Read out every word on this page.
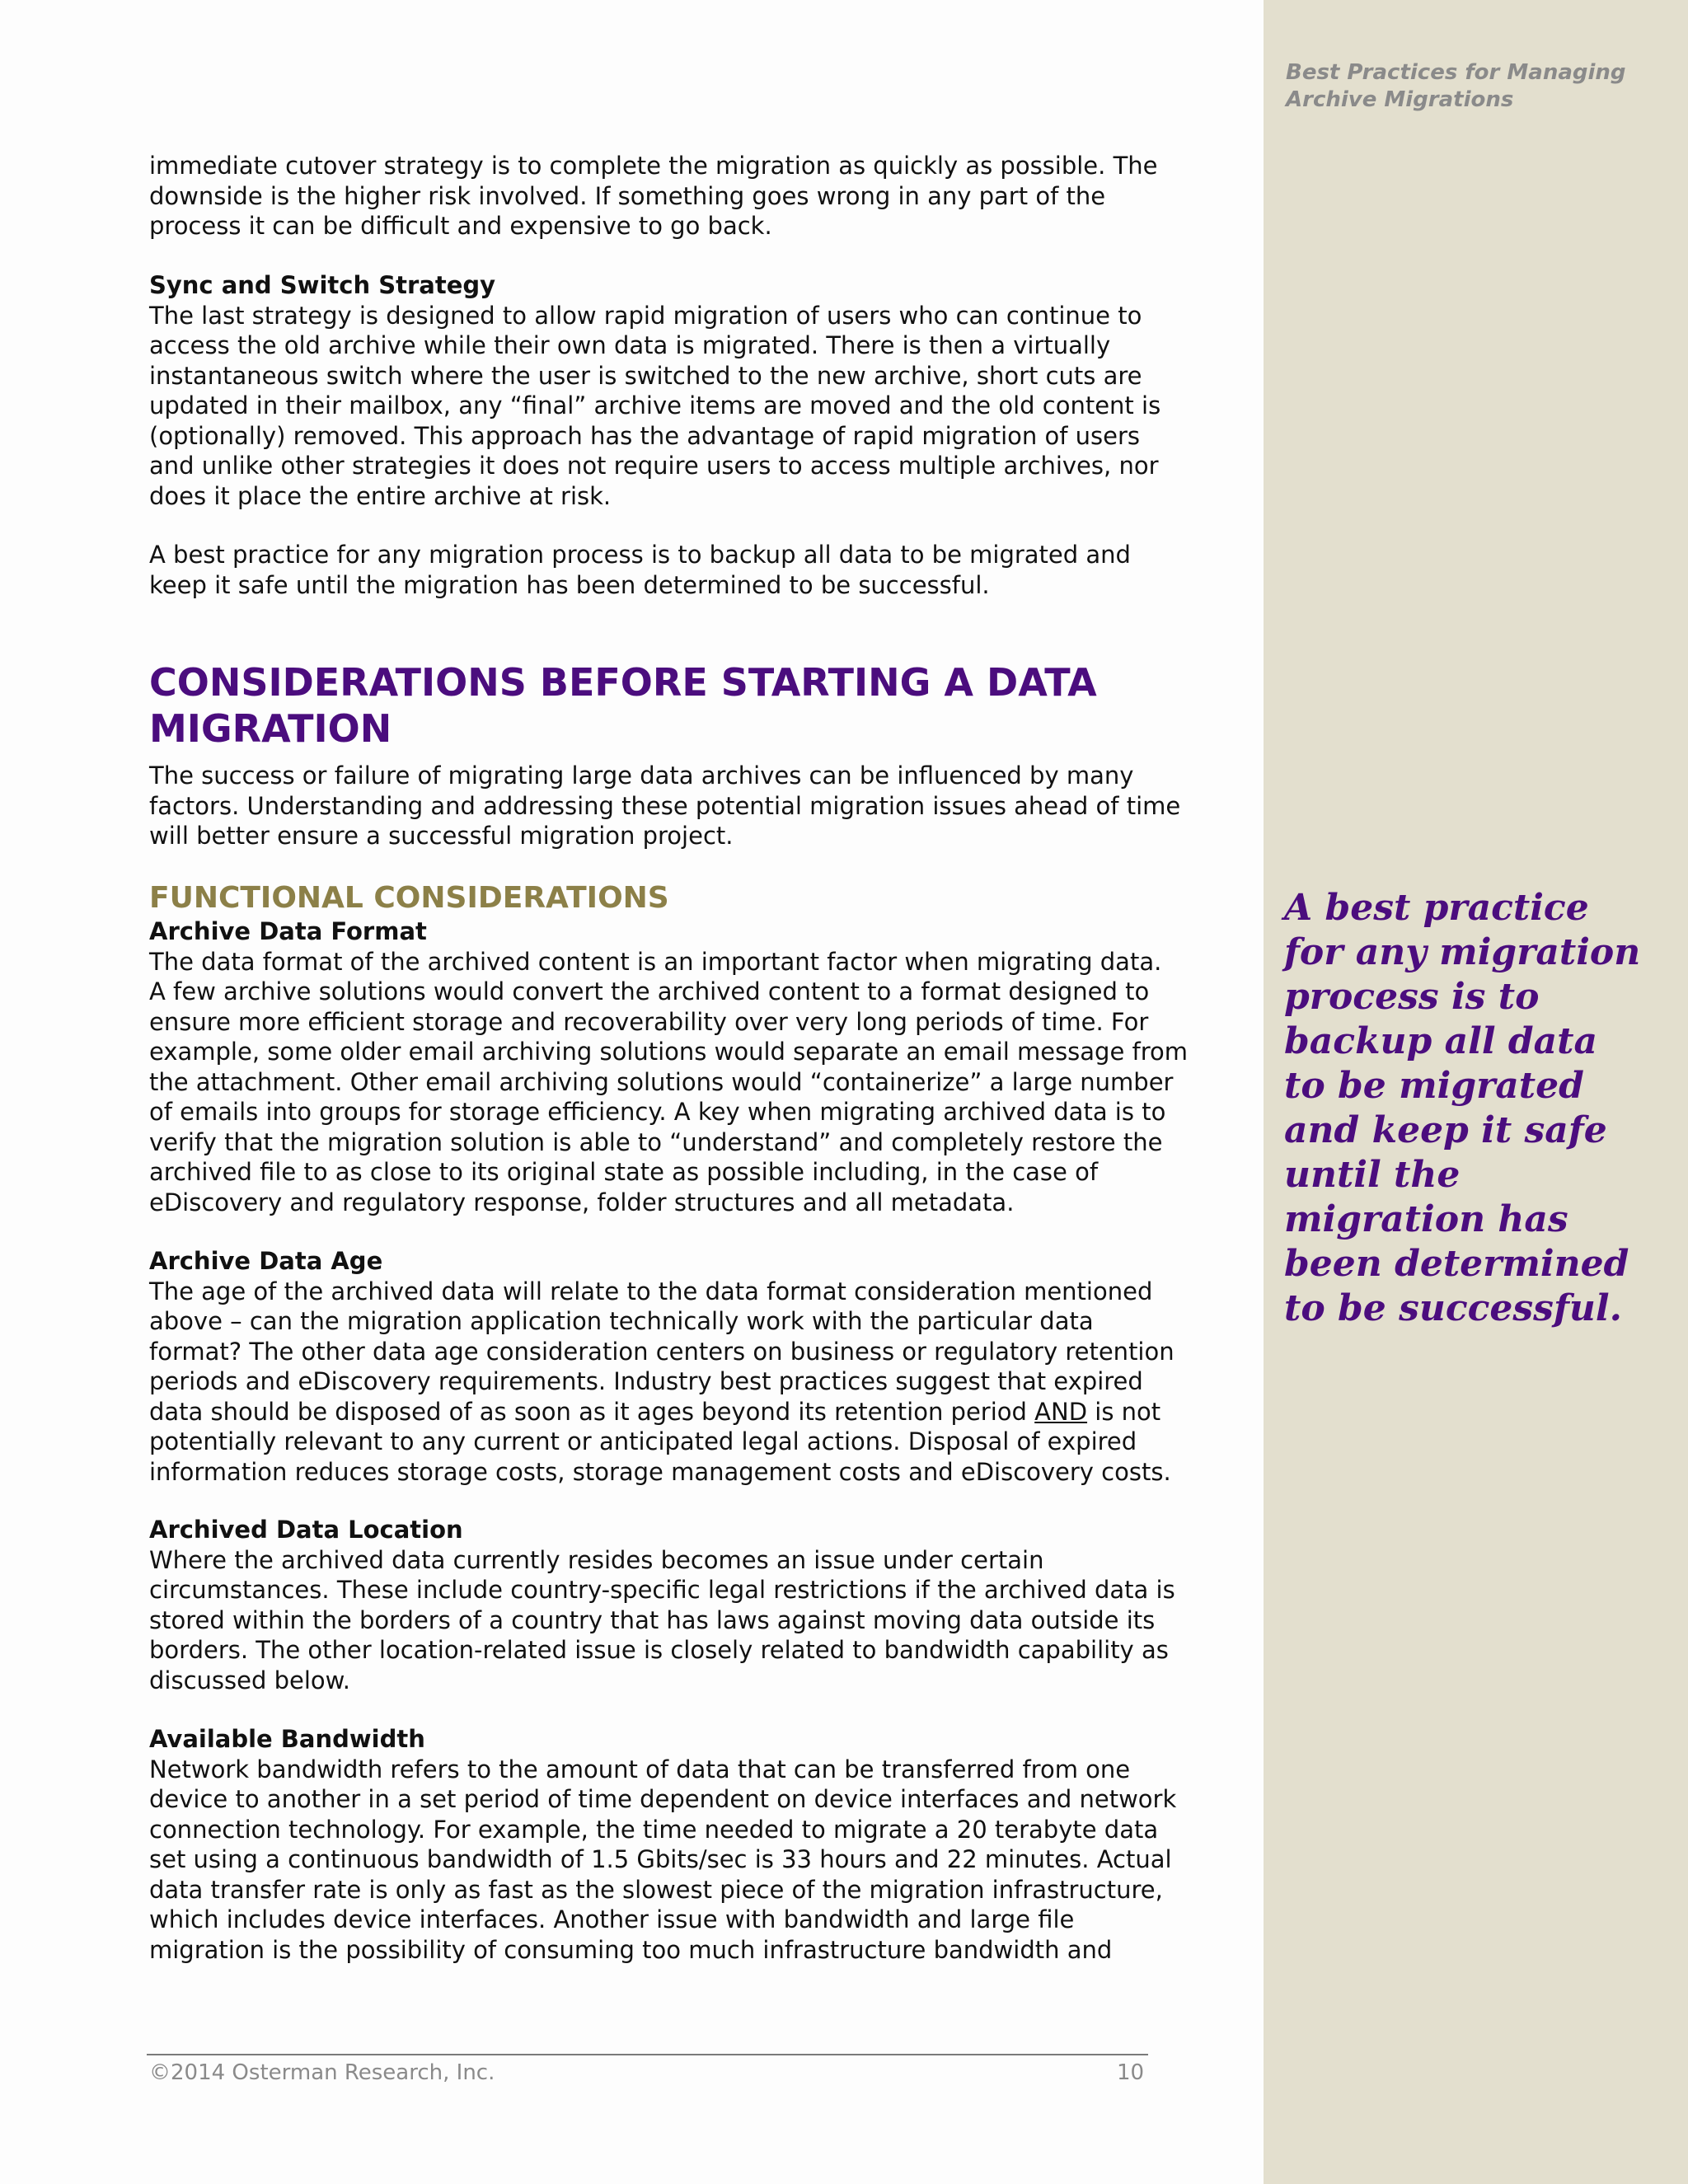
Best Practices for Managing
Archive Migrations
A best practice
for any migration
process is to
backup all data
to be migrated
and keep it safe
until the
migration has
been determined
to be successful.
immediate cutover strategy is to complete the migration as quickly as possible. The
downside is the higher risk involved. If something goes wrong in any part of the
process it can be difficult and expensive to go back.
Sync and Switch Strategy
The last strategy is designed to allow rapid migration of users who can continue to
access the old archive while their own data is migrated. There is then a virtually
instantaneous switch where the user is switched to the new archive, short cuts are
updated in their mailbox, any “final” archive items are moved and the old content is
(optionally) removed. This approach has the advantage of rapid migration of users
and unlike other strategies it does not require users to access multiple archives, nor
does it place the entire archive at risk.
A best practice for any migration process is to backup all data to be migrated and
keep it safe until the migration has been determined to be successful.
CONSIDERATIONS BEFORE STARTING A DATA
MIGRATION
The success or failure of migrating large data archives can be influenced by many
factors. Understanding and addressing these potential migration issues ahead of time
will better ensure a successful migration project.
FUNCTIONAL CONSIDERATIONS
Archive Data Format
The data format of the archived content is an important factor when migrating data.
A few archive solutions would convert the archived content to a format designed to
ensure more efficient storage and recoverability over very long periods of time. For
example, some older email archiving solutions would separate an email message from
the attachment. Other email archiving solutions would “containerize” a large number
of emails into groups for storage efficiency. A key when migrating archived data is to
verify that the migration solution is able to “understand” and completely restore the
archived file to as close to its original state as possible including, in the case of
eDiscovery and regulatory response, folder structures and all metadata.
Archive Data Age
The age of the archived data will relate to the data format consideration mentioned
above – can the migration application technically work with the particular data
format? The other data age consideration centers on business or regulatory retention
periods and eDiscovery requirements. Industry best practices suggest that expired
data should be disposed of as soon as it ages beyond its retention period AND is not
potentially relevant to any current or anticipated legal actions. Disposal of expired
information reduces storage costs, storage management costs and eDiscovery costs.
Archived Data Location
Where the archived data currently resides becomes an issue under certain
circumstances. These include country-specific legal restrictions if the archived data is
stored within the borders of a country that has laws against moving data outside its
borders. The other location-related issue is closely related to bandwidth capability as
discussed below.
Available Bandwidth
Network bandwidth refers to the amount of data that can be transferred from one
device to another in a set period of time dependent on device interfaces and network
connection technology. For example, the time needed to migrate a 20 terabyte data
set using a continuous bandwidth of 1.5 Gbits/sec is 33 hours and 22 minutes. Actual
data transfer rate is only as fast as the slowest piece of the migration infrastructure,
which includes device interfaces. Another issue with bandwidth and large file
migration is the possibility of consuming too much infrastructure bandwidth and
©2014 Osterman Research, Inc.	10
